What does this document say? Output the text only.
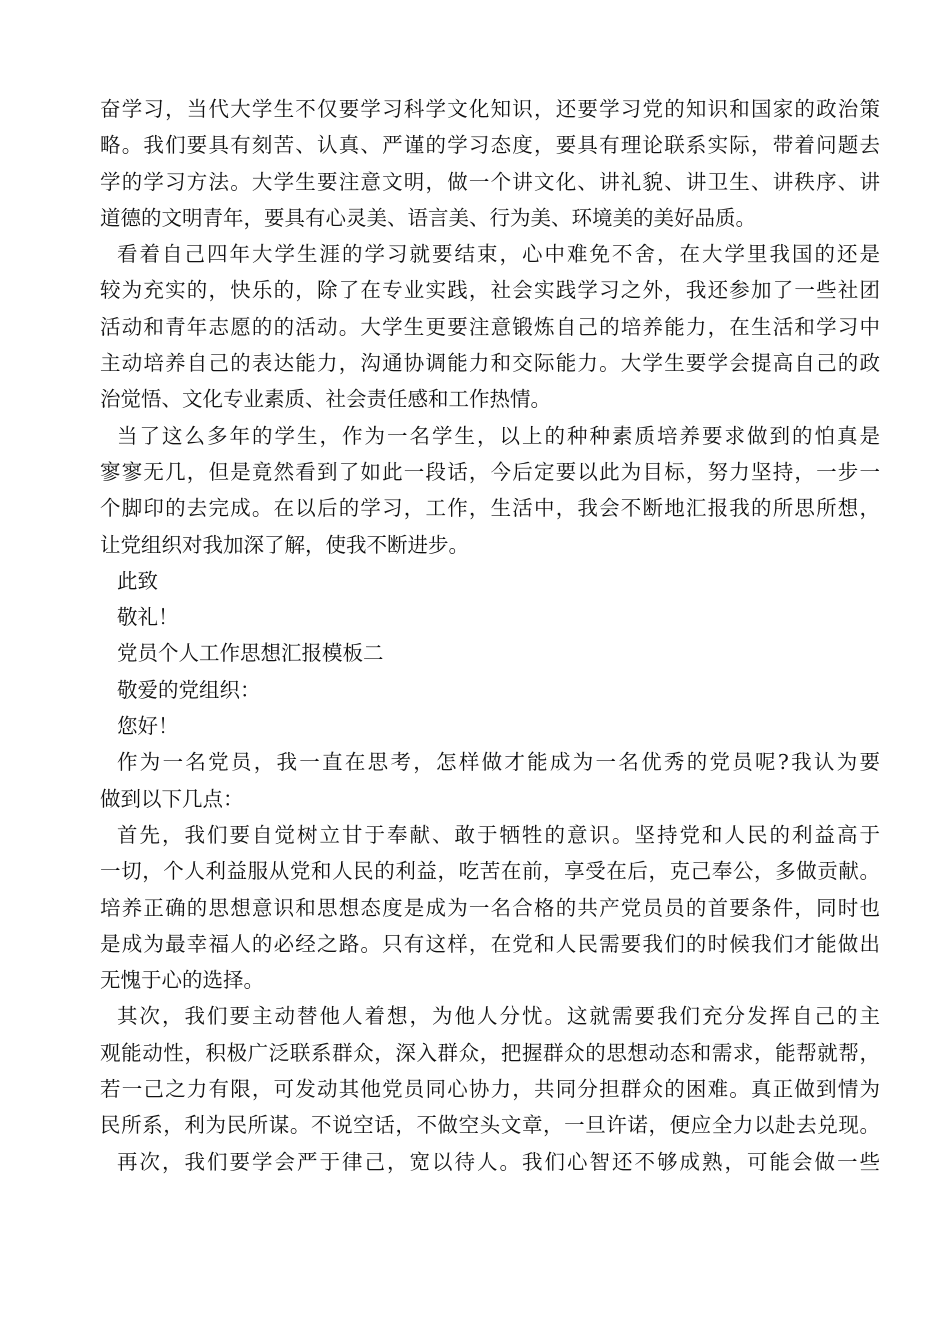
奋学习，当代大学生不仅要学习科学文化知识，还要学习党的知识和国家的政治策
略。我们要具有刻苦、认真、严谨的学习态度，要具有理论联系实际，带着问题去
学的学习方法。大学生要注意文明，做一个讲文化、讲礼貌、讲卫生、讲秩序、讲
道德的文明青年，要具有心灵美、语言美、行为美、环境美的美好品质。
看着自己四年大学生涯的学习就要结束，心中难免不舍，在大学里我国的还是
较为充实的，快乐的，除了在专业实践，社会实践学习之外，我还参加了一些社团
活动和青年志愿的的活动。大学生更要注意锻炼自己的培养能力，在生活和学习中
主动培养自己的表达能力，沟通协调能力和交际能力。大学生要学会提高自己的政
治觉悟、文化专业素质、社会责任感和工作热情。
当了这么多年的学生，作为一名学生，以上的种种素质培养要求做到的怕真是
寥寥无几，但是竟然看到了如此一段话，今后定要以此为目标，努力坚持，一步一
个脚印的去完成。在以后的学习，工作，生活中，我会不断地汇报我的所思所想，
让党组织对我加深了解，使我不断进步。
此致
敬礼！
党员个人工作思想汇报模板二
敬爱的党组织：
您好！
作为一名党员，我一直在思考，怎样做才能成为一名优秀的党员呢?我认为要
做到以下几点：
首先，我们要自觉树立甘于奉献、敢于牺牲的意识。坚持党和人民的利益高于
一切，个人利益服从党和人民的利益，吃苦在前，享受在后，克己奉公，多做贡献。
培养正确的思想意识和思想态度是成为一名合格的共产党员员的首要条件，同时也
是成为最幸福人的必经之路。只有这样，在党和人民需要我们的时候我们才能做出
无愧于心的选择。
其次，我们要主动替他人着想，为他人分忧。这就需要我们充分发挥自己的主
观能动性，积极广泛联系群众，深入群众，把握群众的思想动态和需求，能帮就帮，
若一己之力有限，可发动其他党员同心协力，共同分担群众的困难。真正做到情为
民所系，利为民所谋。不说空话，不做空头文章，一旦许诺，便应全力以赴去兑现。
再次，我们要学会严于律己，宽以待人。我们心智还不够成熟，可能会做一些
